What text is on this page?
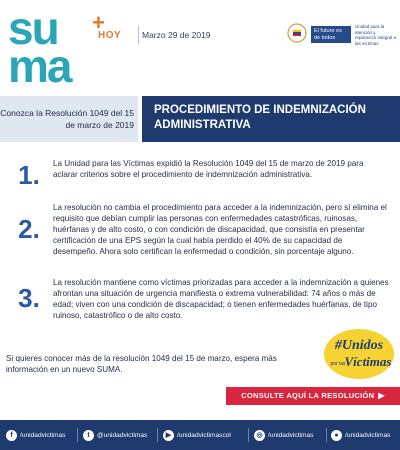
su
ma
+
HOY Marzo 29 de 2019	El futuro es de todos
Unidad para la atención y reparación integral a las víctimas
Conozca la Resolución 1049 del 15 de marzo de 2019
PROCEDIMIENTO DE INDEMNIZACIÓN ADMINISTRATIVA
1.	La Unidad para las Víctimas expidió la Resolución 1049 del 15 de marzo de 2019 para aclarar criterios sobre el procedimiento de indemnización administrativa.
2.
La resolución no cambia el procedimiento para acceder a la indemnización, pero sí elimina el requisito que debían cumplir las personas con enfermedades catastróficas, ruinosas, huérfanas y de alto costo, o con condición de discapacidad, que consistía en presentar certificación de una EPS según la cual había perdido el 40% de su capacidad de desempeño. Ahora solo certifican la enfermedad o condición, sin porcentaje alguno.
3.
La resolución mantiene como víctimas priorizadas para acceder a la indemnización a quienes afrontan una situación de urgencia manifiesta o extrema vulnerabilidad: 74 años o más de edad; viven con una condición de discapacidad; o tienen enfermedades huérfanas, de tipo ruinoso, catastrófico o de alto costo.
Si quieres conocer más de la resolución 1049 del 15 de marzo, espera más información en un nuevo SUMA.
#Unidos
por las Víctimas
CONSULTE AQUÍ LA RESOLUCIÓN ▶
f	/unidadvictimas	t	@unidadvictimas	▶ /unidadvictimascol	◎ /unidadvictimas	● /unidadvictimas
